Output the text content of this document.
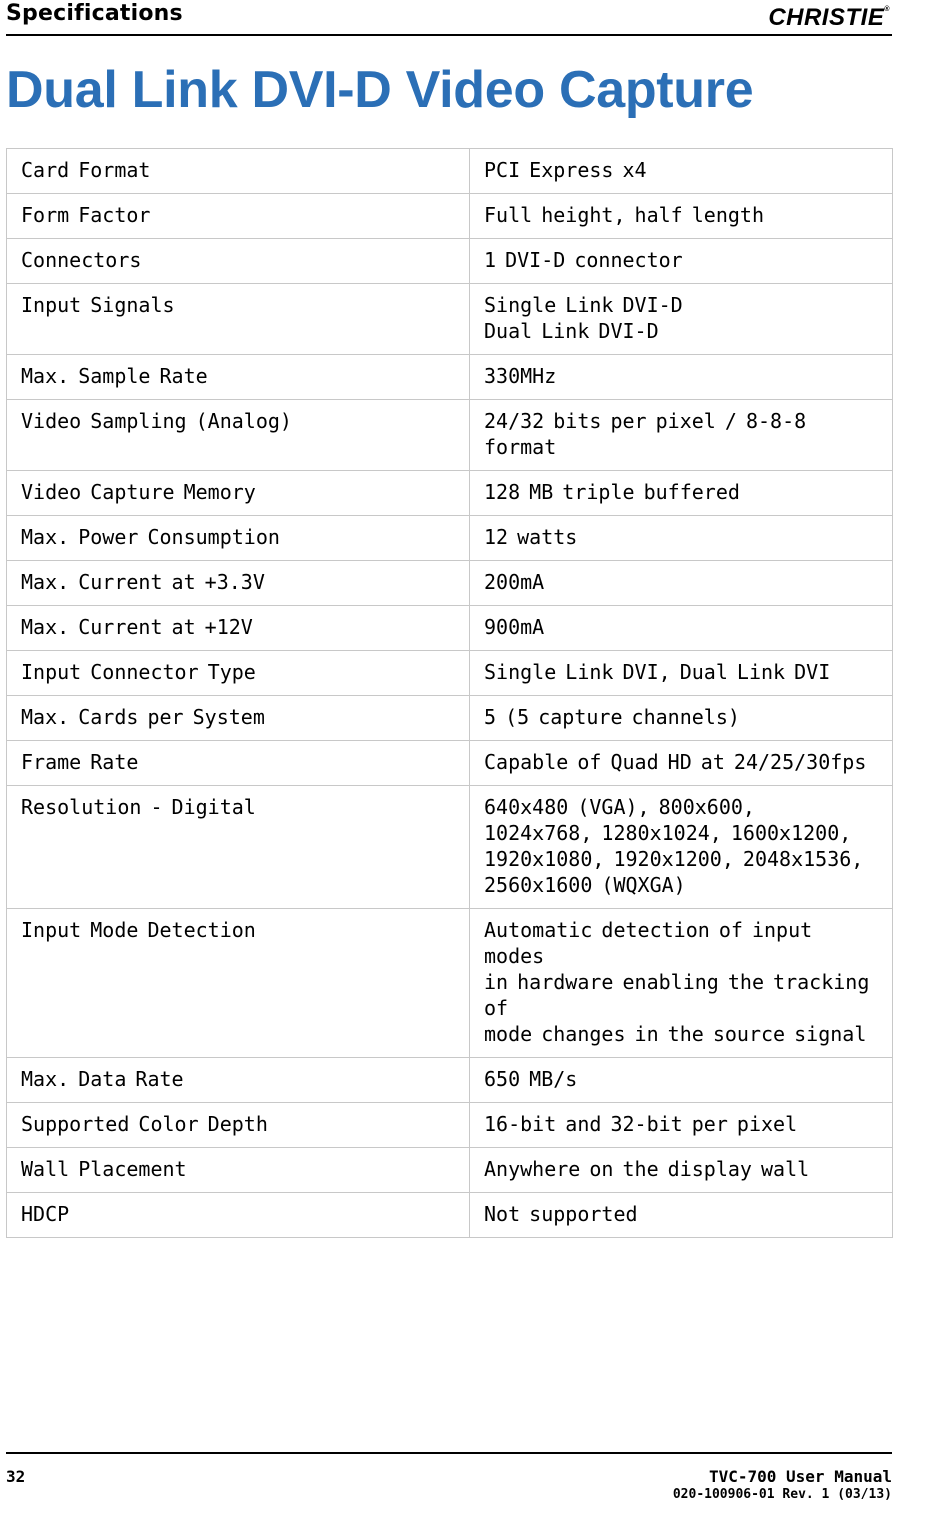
Specifications	CHRISTIE®
Dual Link DVI-D Video Capture
Card Format	PCI Express x4
Form Factor	Full height, half length
Connectors	1 DVI-D connector
Input Signals	Single Link DVI-D
Dual Link DVI-D
Max. Sample Rate	330MHz
Video Sampling (Analog)	24/32 bits per pixel / 8-8-8 format
Video Capture Memory	128 MB triple buffered
Max. Power Consumption	12 watts
Max. Current at +3.3V	200mA
Max. Current at +12V	900mA
Input Connector Type	Single Link DVI, Dual Link DVI
Max. Cards per System	5 (5 capture channels)
Frame Rate	Capable of Quad HD at 24/25/30fps
Resolution - Digital	640x480 (VGA), 800x600,
1024x768, 1280x1024, 1600x1200,
1920x1080, 1920x1200, 2048x1536,
2560x1600 (WQXGA)
Input Mode Detection	Automatic detection of input modes
in hardware enabling the tracking of
mode changes in the source signal
Max. Data Rate	650 MB/s
Supported Color Depth	16-bit and 32-bit per pixel
Wall Placement	Anywhere on the display wall
HDCP	Not supported
32	TVC-700 User Manual
020-100906-01 Rev. 1 (03/13)
